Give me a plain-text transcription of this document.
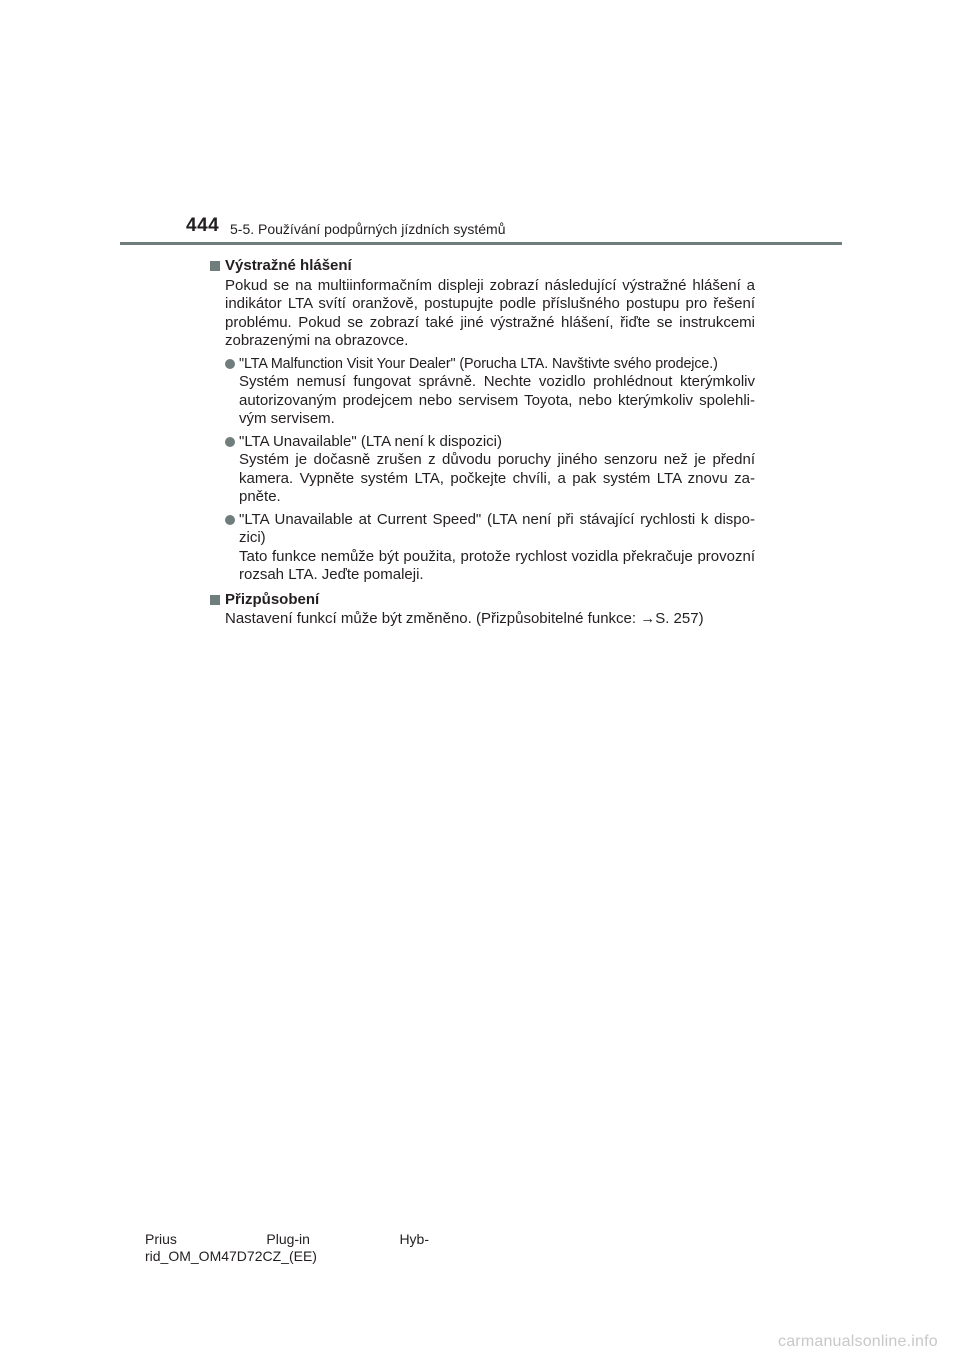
444 5-5. Používání podpůrných jízdních systémů
Výstražné hlášení

Pokud se na multiinformačním displeji zobrazí následující výstražné hlášení a indikátor LTA svítí oranžově, postupujte podle příslušného postupu pro řešení problému. Pokud se zobrazí také jiné výstražné hlášení, řiďte se instrukcemi zobrazenými na obrazovce.

"LTA Malfunction Visit Your Dealer" (Porucha LTA. Navštivte svého prodejce.)
Systém nemusí fungovat správně. Nechte vozidlo prohlédnout kterýmkoliv autorizovaným prodejcem nebo servisem Toyota, nebo kterýmkoliv spolehlivým servisem.
"LTA Unavailable" (LTA není k dispozici)
Systém je dočasně zrušen z důvodu poruchy jiného senzoru než je přední kamera. Vypněte systém LTA, počkejte chvíli, a pak systém LTA znovu zapněte.
"LTA Unavailable at Current Speed" (LTA není při stávající rychlosti k dispozici)
Tato funkce nemůže být použita, protože rychlost vozidla překračuje provozní rozsah LTA. Jeďte pomaleji.
Přizpůsobení

Nastavení funkcí může být změněno. (Přizpůsobitelné funkce: →S. 257)

Prius	Plug-in	Hyb-
rid_OM_OM47D72CZ_(EE)
carmanualsonline.info
